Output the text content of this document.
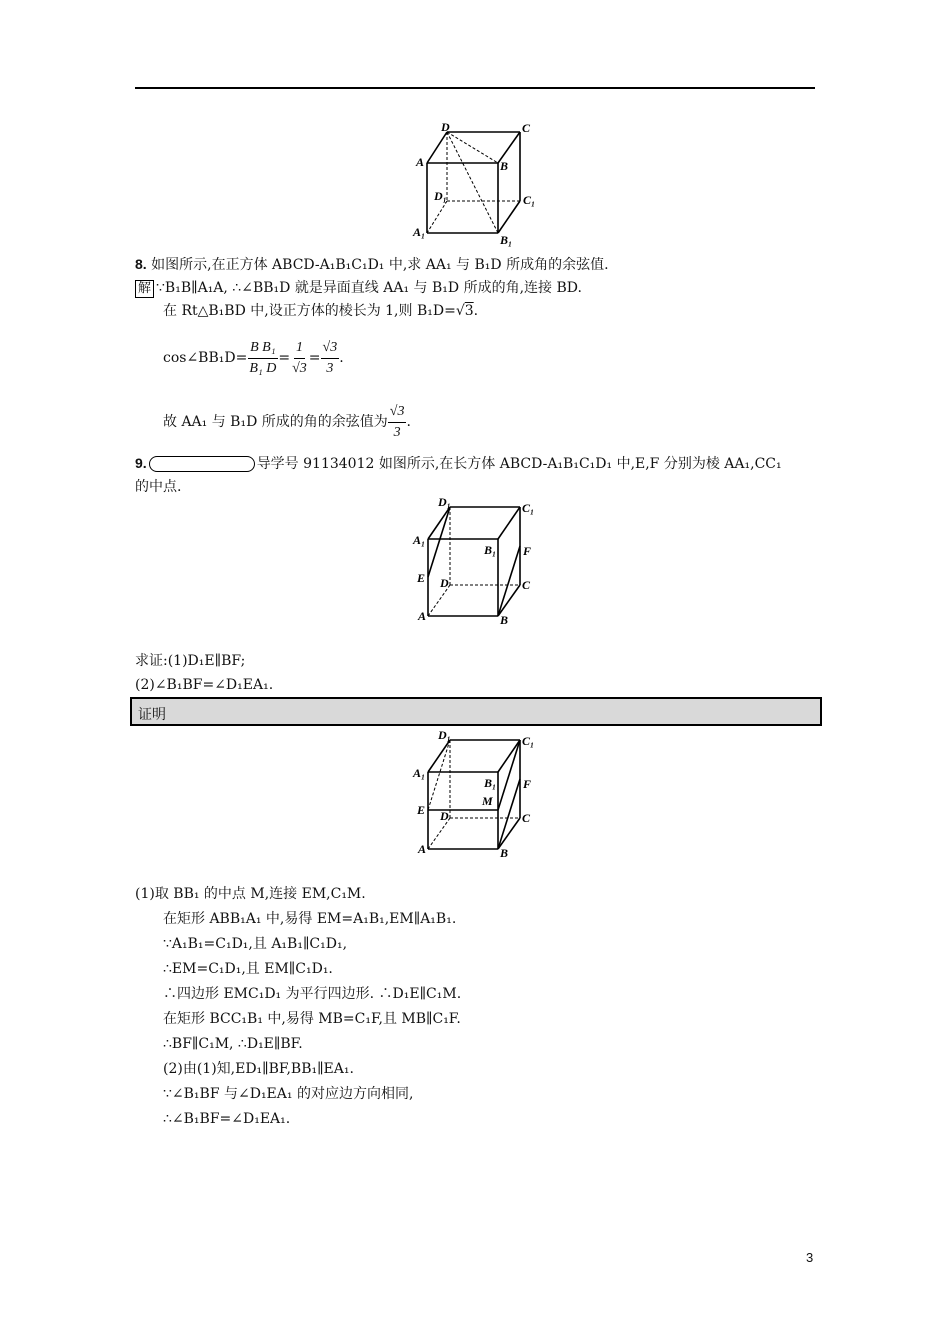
D	C
A	B
D₁	C₁
A₁
B₁
8. 如图所示,在正方体 ABCD-A₁B₁C₁D₁ 中,求 AA₁ 与 B₁D 所成角的余弦值.
解 ∵B₁B∥A₁A, ∴∠BB₁D 就是异面直线 AA₁ 与 B₁D 所成的角,连接 BD.
在 Rt△B₁BD 中,设正方体的棱长为 1,则 B₁D=√3.
cos∠BB₁D= $\frac{\text{B B₁}}{\text{B₁ D}} = \frac{1}{√3} = \frac{√3}{3}$ .
故 AA₁ 与 B₁D 所成的角的余弦值为 $\frac{√3}{3}$ .
9.	导学号 91134012 如图所示,在长方体 ABCD-A₁B₁C₁D₁ 中,E,F 分别为棱 AA₁,CC₁
的中点.
D₁	C₁
A₁
B₁ F
E D	C
A	B
求证:(1)D₁E∥BF;
(2)∠B₁BF=∠D₁EA₁.
证明
D₁	C₁
A₁
B₁ F
M
E D	C
A	B
(1)取 BB₁ 的中点 M,连接 EM,C₁M.
在矩形 ABB₁A₁ 中,易得 EM=A₁B₁,EM∥A₁B₁.
∵A₁B₁=C₁D₁,且 A₁B₁∥C₁D₁,
∴EM=C₁D₁,且 EM∥C₁D₁.
∴四边形 EMC₁D₁ 为平行四边形. ∴D₁E∥C₁M.
在矩形 BCC₁B₁ 中,易得 MB=C₁F,且 MB∥C₁F.
∴BF∥C₁M, ∴D₁E∥BF.
(2)由(1)知,ED₁∥BF,BB₁∥EA₁.
∵∠B₁BF 与∠D₁EA₁ 的对应边方向相同,
∴∠B₁BF=∠D₁EA₁.
3
